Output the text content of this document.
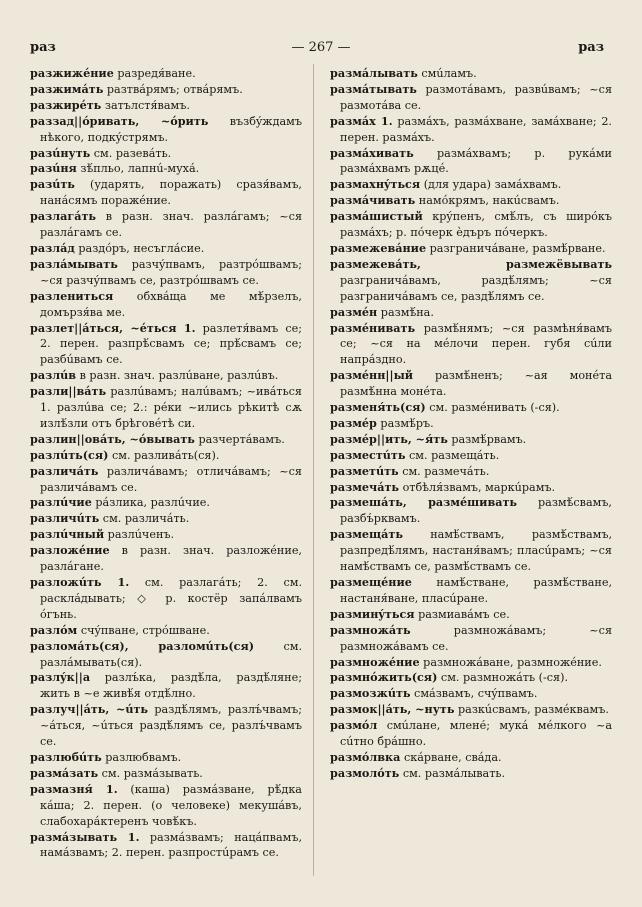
раз	— 267 —	раз

разжижéние разредя́ване.

разжимáть разтвáрямъ; отвáрямъ.

разжирéть затълстя́вамъ.

раззад||óривать, ~óрить възбýждамъ нѣкого, подкýстрямъ.

разúнуть см. разевáть.

разúня зѣ́пльо, лапнú-мухá.

разúть (ударять, поражать) сразя́вамъ, нанáсямъ поражéние.

разлагáть в разн. знач. разлáгамъ; ~ся разлáгамъ се.

разлáд раздóръ, несъглáсие.

разлáмывать разчýпвамъ, разтрóшвамъ; ~ся разчýпвамъ се, разтрóшвамъ се.

разлениться обхвáща ме мѣ́рзелъ, домързя́ва ме.

разлет||áться, ~éться 1. разлетя́вамъ се; 2. перен. разпрѣ́свамъ се; прѣ́свамъ се; разбúвамъ се.

разлúв в разн. знач. разлúване, разлúвъ.

разли||вáть разлúвамъ; налúвамъ; ~ивáться 1. разлúва се; 2.: рéки ~ились рѣкитѣ сѫ излѣ́зли отъ брѣговéтѣ си.

разлин||овáть, ~óвывать разчертáвамъ.

разлúть(ся) см. разливáть(ся).

различáть различáвамъ; отличáвамъ; ~ся различáвамъ се.

разлúчие рáзлика, разлúчие.

различúть см. различáть.

разлúчный разлúченъ.

разложéние в разн. знач. разложéние, разлáгане.

разложúть 1. см. разлагáть; 2. см. раскла́дывать; ◇ р. костёр запáлвамъ óгънь.

разлóм счýпване, стрóшване.

разломáть(ся), разломúть(ся) см. разлáмывать(ся).

разлýк||а разлъ́ка, раздѣ́ла, раздѣ́ляне; жить в ~е живѣ́я отдѣ́лно.

разлуч||áть, ~úть раздѣ́лямъ, разлъ́чвамъ; ~áться, ~úться раздѣ́лямъ се, разлъ́чвамъ се.

разлюбúть разлюбвамъ.

размáзать см. размáзывать.

размазня́ 1. (каша) размáзване, рѣ́дка кáша; 2. перен. (о человеке) мекушáвъ, слабохарáктеренъ човѣ́къ.

размáзывать 1. размáзвамъ; нацáпвамъ, намáзвамъ; 2. перен. разпростúрамъ се.

размáлывать смúламъ.

размáтывать размотáвамъ, развúвамъ; ~ся размотáва се.

размáх 1. размáхъ, размáхване, замáхване; 2. перен. размáхъ.

размáхивать размáхвамъ; р. рукáми размáхвамъ рѫцé.

размахнýться (для удара) замáхвамъ.

размáчивать намóкрямъ, накúсвамъ.

размáшистый крýпенъ, смѣ́лъ, съ широ́къ размáхъ; р. пóчерк ѐдъръ пóчеркъ.

размежевáние разграничáване, размѣ́рване.

размежевáть, размежёвывать разграничáвамъ, раздѣ́лямъ; ~ся разграничáвамъ се, раздѣ́лямъ се.

размéн размѣ́на.

размéнивать размѣ́нямъ; ~ся размѣня́вамъ се; ~ся на мéлочи перен. губя сúли напрáздно.

размéнн||ый размѣ́ненъ; ~ая монéта размѣ́нна монéта.

разменя́ть(ся) см. размéнивать (-ся).

размéр размѣ́ръ.

размéр||ить, ~я́ть размѣ́рвамъ.

разместúть см. размещáть.

разметúть см. размечáть.

размечáть отбѣля́звамъ, маркúрамъ.

размешáть, размéшивать размѣ́свамъ, разбъ́рквамъ.

размещáть намѣ́ствамъ, размѣ́ствамъ, разпредѣ́лямъ, настаня́вамъ; пласúрамъ; ~ся намѣ́ствамъ се, размѣ́ствамъ се.

размещéние намѣ́стване, размѣ́стване, настаня́ване, пласúране.

разминýться размиавáмъ се.

размножáть размножáвамъ; ~ся размножáвамъ се.

размножéние размножáване, размножéние.

размнóжить(ся) см. размножáть (-ся).

размозжúть смáзвамъ, счýпвамъ.

размок||áть, ~нуть разкúсвамъ, размéквамъ.

размóл смúлане, млене́; мукá мéлкого ~а сúтно брáшно.

размóлвка скáрване, свáда.

размолóть см. размáлывать.
